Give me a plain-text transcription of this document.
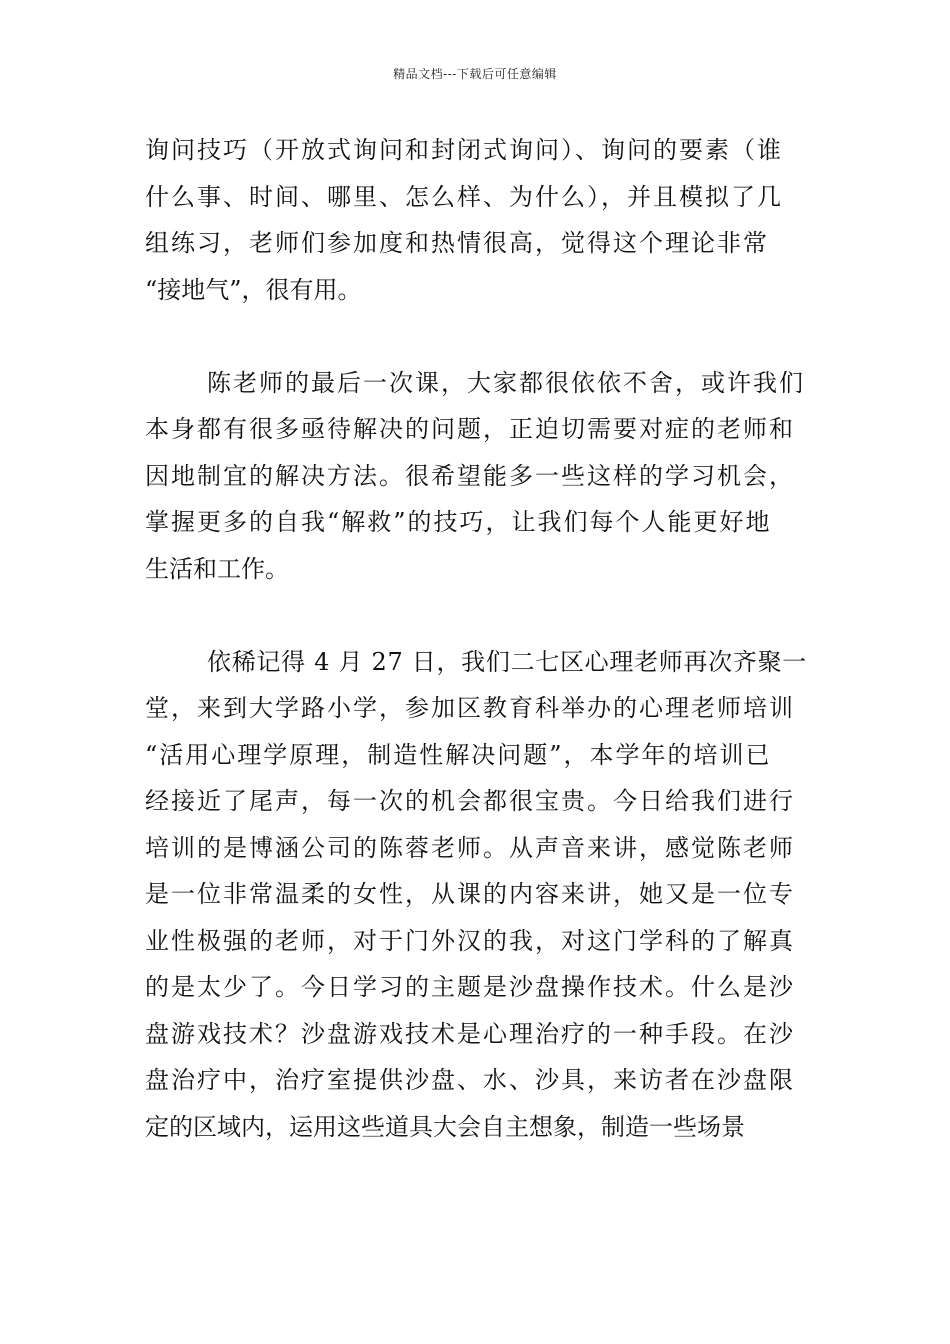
精品文档---下载后可任意编辑
询问技巧（开放式询问和封闭式询问）、询问的要素（谁
什么事、时间、哪里、怎么样、为什么），并且模拟了几
组练习，老师们参加度和热情很高，觉得这个理论非常
“接地气”，很有用。
陈老师的最后一次课，大家都很依依不舍，或许我们
本身都有很多亟待解决的问题，正迫切需要对症的老师和
因地制宜的解决方法。很希望能多一些这样的学习机会，
掌握更多的自我“解救”的技巧，让我们每个人能更好地
生活和工作。
依稀记得 4 月 27 日，我们二七区心理老师再次齐聚一
堂，来到大学路小学，参加区教育科举办的心理老师培训
“活用心理学原理，制造性解决问题”，本学年的培训已
经接近了尾声，每一次的机会都很宝贵。今日给我们进行
培训的是博涵公司的陈蓉老师。从声音来讲，感觉陈老师
是一位非常温柔的女性，从课的内容来讲，她又是一位专
业性极强的老师，对于门外汉的我，对这门学科的了解真
的是太少了。今日学习的主题是沙盘操作技术。什么是沙
盘游戏技术？沙盘游戏技术是心理治疗的一种手段。在沙
盘治疗中，治疗室提供沙盘、水、沙具，来访者在沙盘限
定的区域内，运用这些道具大会自主想象，制造一些场景
